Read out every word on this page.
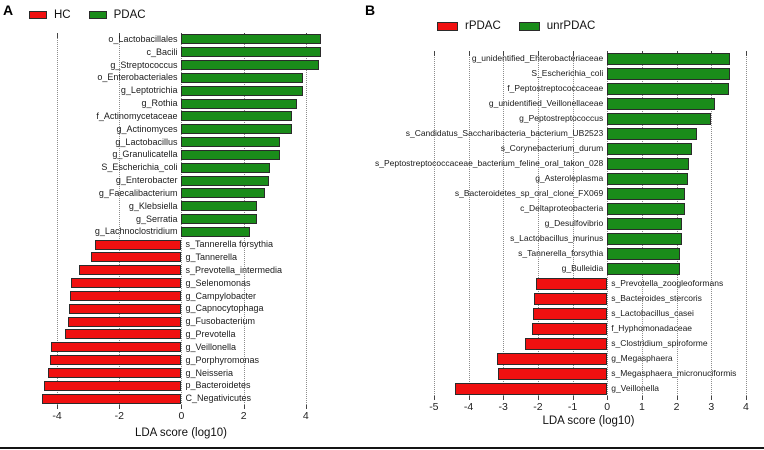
A	B
HC	PDAC
rPDAC	unrPDAC
-4	-2	0	2	4
o_Lactobacillales
c_Bacili
g_Streptococcus
o_Enterobacteriales
g_Leptotrichia
g_Rothia
f_Actinomycetaceae
g_Actinomyces
g_Lactobacillus
g_Granulicatella
S_Escherichia_coli
g_Enterobacter
g_Faecalibacterium
g_Klebsiella
g_Serratia
g_Lachnoclostridium
s_Tannerella forsythia
g_Tannerella
s_Prevotella_intermedia
g_Selenomonas
g_Campylobacter
g_Capnocytophaga
g_Fusobacterium
g_Prevotella
g_Veillonella
g_Porphyromonas
g_Neisseria
p_Bacteroidetes
C_Negativicutes
-5	-4	-3	-2	-1	0	1	2	3	4
g_unidentified_Ehterobacteriaceae
S_Escherichia_coli
f_Peptostreptococcaceae
g_unidentified_Veillonellaceae
g_Peptostreptococcus
s_Candidatus_Saccharibacteria_bacterium_UB2523
s_Corynebacterium_durum
s_Peptostreptococcaceae_bacterium_feline_oral_takon_028
g_Asteroleplasma
s_Bacteroidetes_sp_oral_clone_FX069
c_Deltaproteobacteria
g_Desulfovibrio
s_Lactobacillus_murinus
s_Tannerella_forsythia
g_Bulleidia
s_Prevotella_zoogleoformans
s_Bacteroides_stercoris
s_Lactobacillus_casei
f_Hyphomonadaceae
s_Clostridium_spiroforme
g_Megasphaera
s_Megasphaera_micronuciformis
g_Veillonella
LDA score (log10)
LDA score (log10)
